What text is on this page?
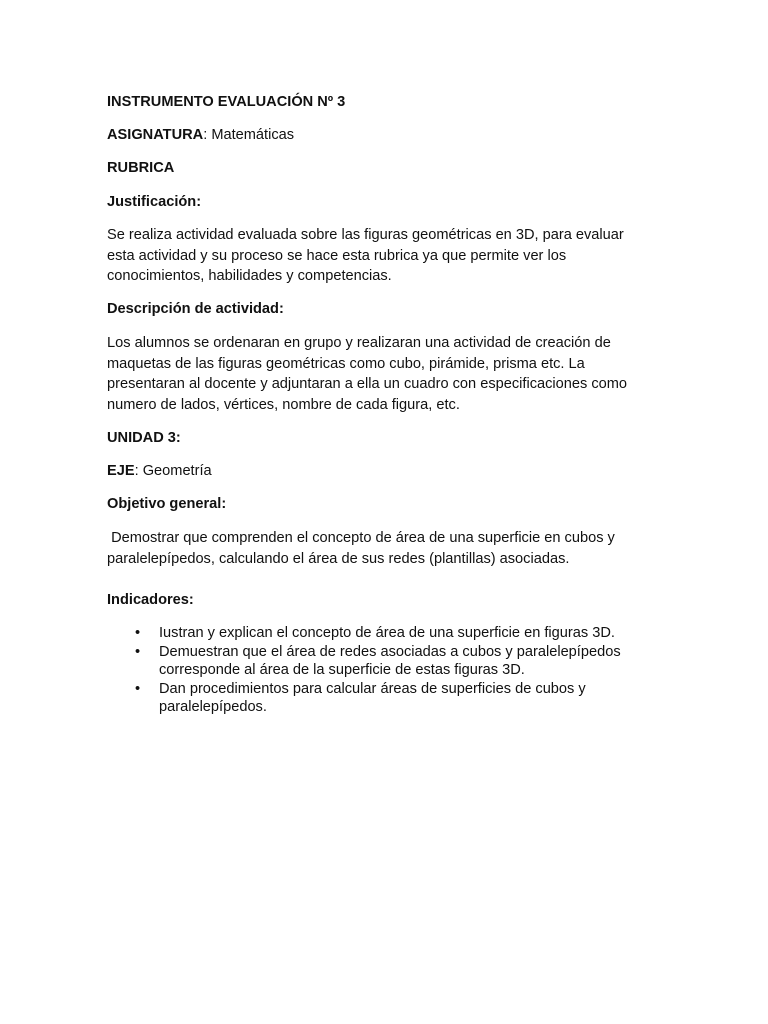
INSTRUMENTO EVALUACIÓN Nº 3

ASIGNATURA: Matemáticas

RUBRICA

Justificación:

Se realiza actividad evaluada sobre las figuras geométricas en 3D, para evaluar esta actividad y su proceso se hace esta rubrica ya que permite ver los conocimientos, habilidades y competencias.

Descripción de actividad:

Los alumnos se ordenaran en grupo y realizaran una actividad de creación de maquetas de las figuras geométricas como cubo, pirámide, prisma etc. La presentaran al docente y adjuntaran a ella un cuadro con especificaciones como numero de lados, vértices, nombre de cada figura, etc.

UNIDAD 3:

EJE: Geometría

Objetivo general:

Demostrar que comprenden el concepto de área de una superficie en cubos y paralelepípedos, calculando el área de sus redes (plantillas) asociadas.

Indicadores:

• Iustran y explican el concepto de área de una superficie en figuras 3D.
• Demuestran que el área de redes asociadas a cubos y paralelepípedos corresponde al área de la superficie de estas figuras 3D.
• Dan procedimientos para calcular áreas de superficies de cubos y paralelepípedos.
